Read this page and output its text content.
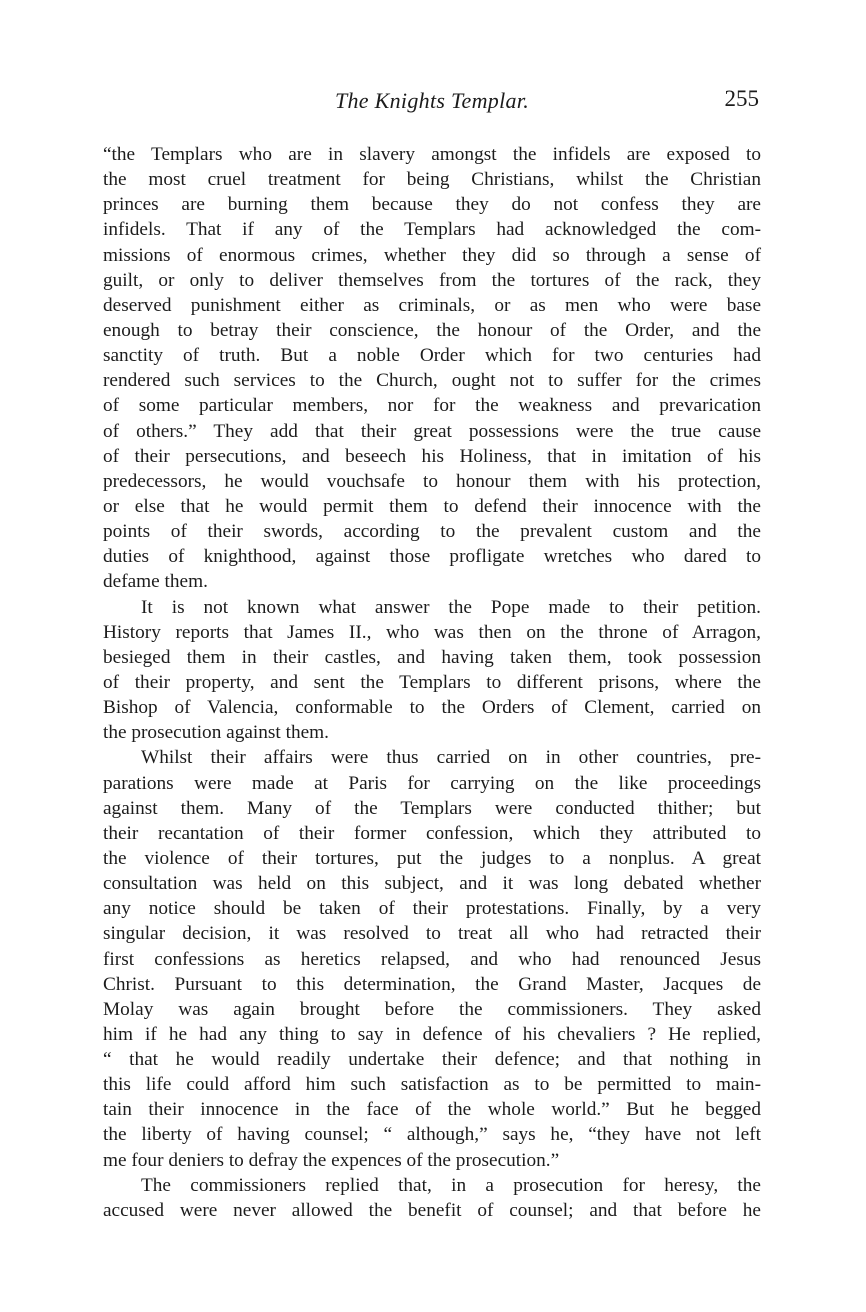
The Knights Templar.	255
“the Templars who are in slavery amongst the infidels are exposed to
the most cruel treatment for being Christians, whilst the Christian
princes are burning them because they do not confess they are
infidels. That if any of the Templars had acknowledged the com-
missions of enormous crimes, whether they did so through a sense of
guilt, or only to deliver themselves from the tortures of the rack, they
deserved punishment either as criminals, or as men who were base
enough to betray their conscience, the honour of the Order, and the
sanctity of truth. But a noble Order which for two centuries had
rendered such services to the Church, ought not to suffer for the crimes
of some particular members, nor for the weakness and prevarication
of others.” They add that their great possessions were the true cause
of their persecutions, and beseech his Holiness, that in imitation of his
predecessors, he would vouchsafe to honour them with his protection,
or else that he would permit them to defend their innocence with the
points of their swords, according to the prevalent custom and the
duties of knighthood, against those profligate wretches who dared to
defame them.
It is not known what answer the Pope made to their petition.
History reports that James II., who was then on the throne of Arragon,
besieged them in their castles, and having taken them, took possession
of their property, and sent the Templars to different prisons, where the
Bishop of Valencia, conformable to the Orders of Clement, carried on
the prosecution against them.
Whilst their affairs were thus carried on in other countries, pre-
parations were made at Paris for carrying on the like proceedings
against them. Many of the Templars were conducted thither; but
their recantation of their former confession, which they attributed to
the violence of their tortures, put the judges to a nonplus. A great
consultation was held on this subject, and it was long debated whether
any notice should be taken of their protestations. Finally, by a very
singular decision, it was resolved to treat all who had retracted their
first confessions as heretics relapsed, and who had renounced Jesus
Christ. Pursuant to this determination, the Grand Master, Jacques de
Molay was again brought before the commissioners. They asked
him if he had any thing to say in defence of his chevaliers ? He replied,
“ that he would readily undertake their defence; and that nothing in
this life could afford him such satisfaction as to be permitted to main-
tain their innocence in the face of the whole world.” But he begged
the liberty of having counsel; “ although,” says he, “they have not left
me four deniers to defray the expences of the prosecution.”
The commissioners replied that, in a prosecution for heresy, the
accused were never allowed the benefit of counsel; and that before he
